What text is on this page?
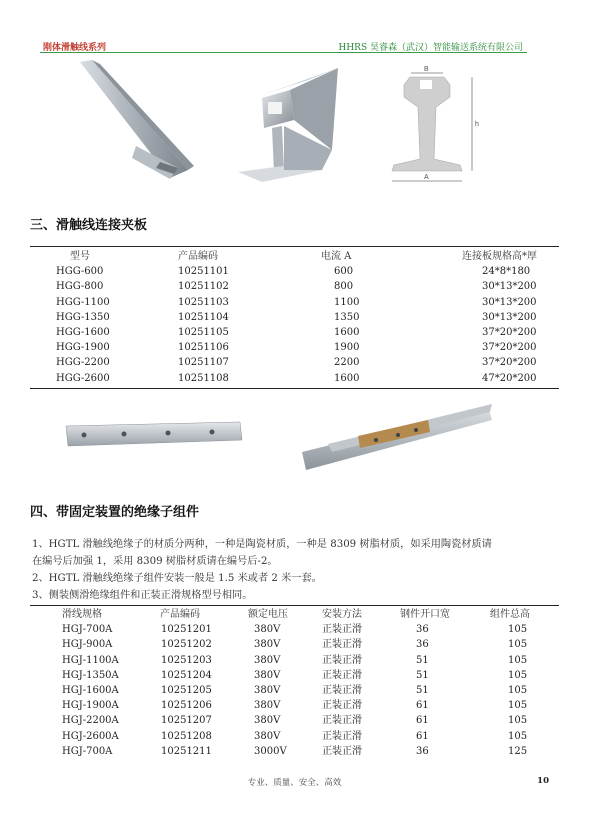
刚体滑触线系列	HHRS 昊睿森（武汉）智能输送系统有限公司
B
h
A
三、滑触线连接夹板
型号	产品编码	电流 A	连接板规格高*厚
HGG-600	10251101	600	24*8*180
HGG-800	10251102	800	30*13*200
HGG-1100	10251103	1100	30*13*200
HGG-1350	10251104	1350	30*13*200
HGG-1600	10251105	1600	37*20*200
HGG-1900	10251106	1900	37*20*200
HGG-2200	10251107	2200	37*20*200
HGG-2600	10251108	1600	47*20*200
四、带固定装置的绝缘子组件
1、HGTL 滑触线绝缘子的材质分两种，一种是陶瓷材质，一种是 8309 树脂材质，如采用陶瓷材质请
在编号后加强 1，采用 8309 树脂材质请在编号后-2。
2、HGTL 滑触线绝缘子组件安装一般是 1.5 米或者 2 米一套。
3、侧装侧滑绝缘组件和正装正滑规格型号相同。
滑线规格	产品编码	额定电压	安装方法	钢件开口宽	组件总高
HGJ-700A	10251201	380V	正装正滑	36	105
HGJ-900A	10251202	380V	正装正滑	36	105
HGJ-1100A	10251203	380V	正装正滑	51	105
HGJ-1350A	10251204	380V	正装正滑	51	105
HGJ-1600A	10251205	380V	正装正滑	51	105
HGJ-1900A	10251206	380V	正装正滑	61	105
HGJ-2200A	10251207	380V	正装正滑	61	105
HGJ-2600A	10251208	380V	正装正滑	61	105
HGJ-700A	10251211	3000V	正装正滑	36	125
专业、质量、安全、高效	10
